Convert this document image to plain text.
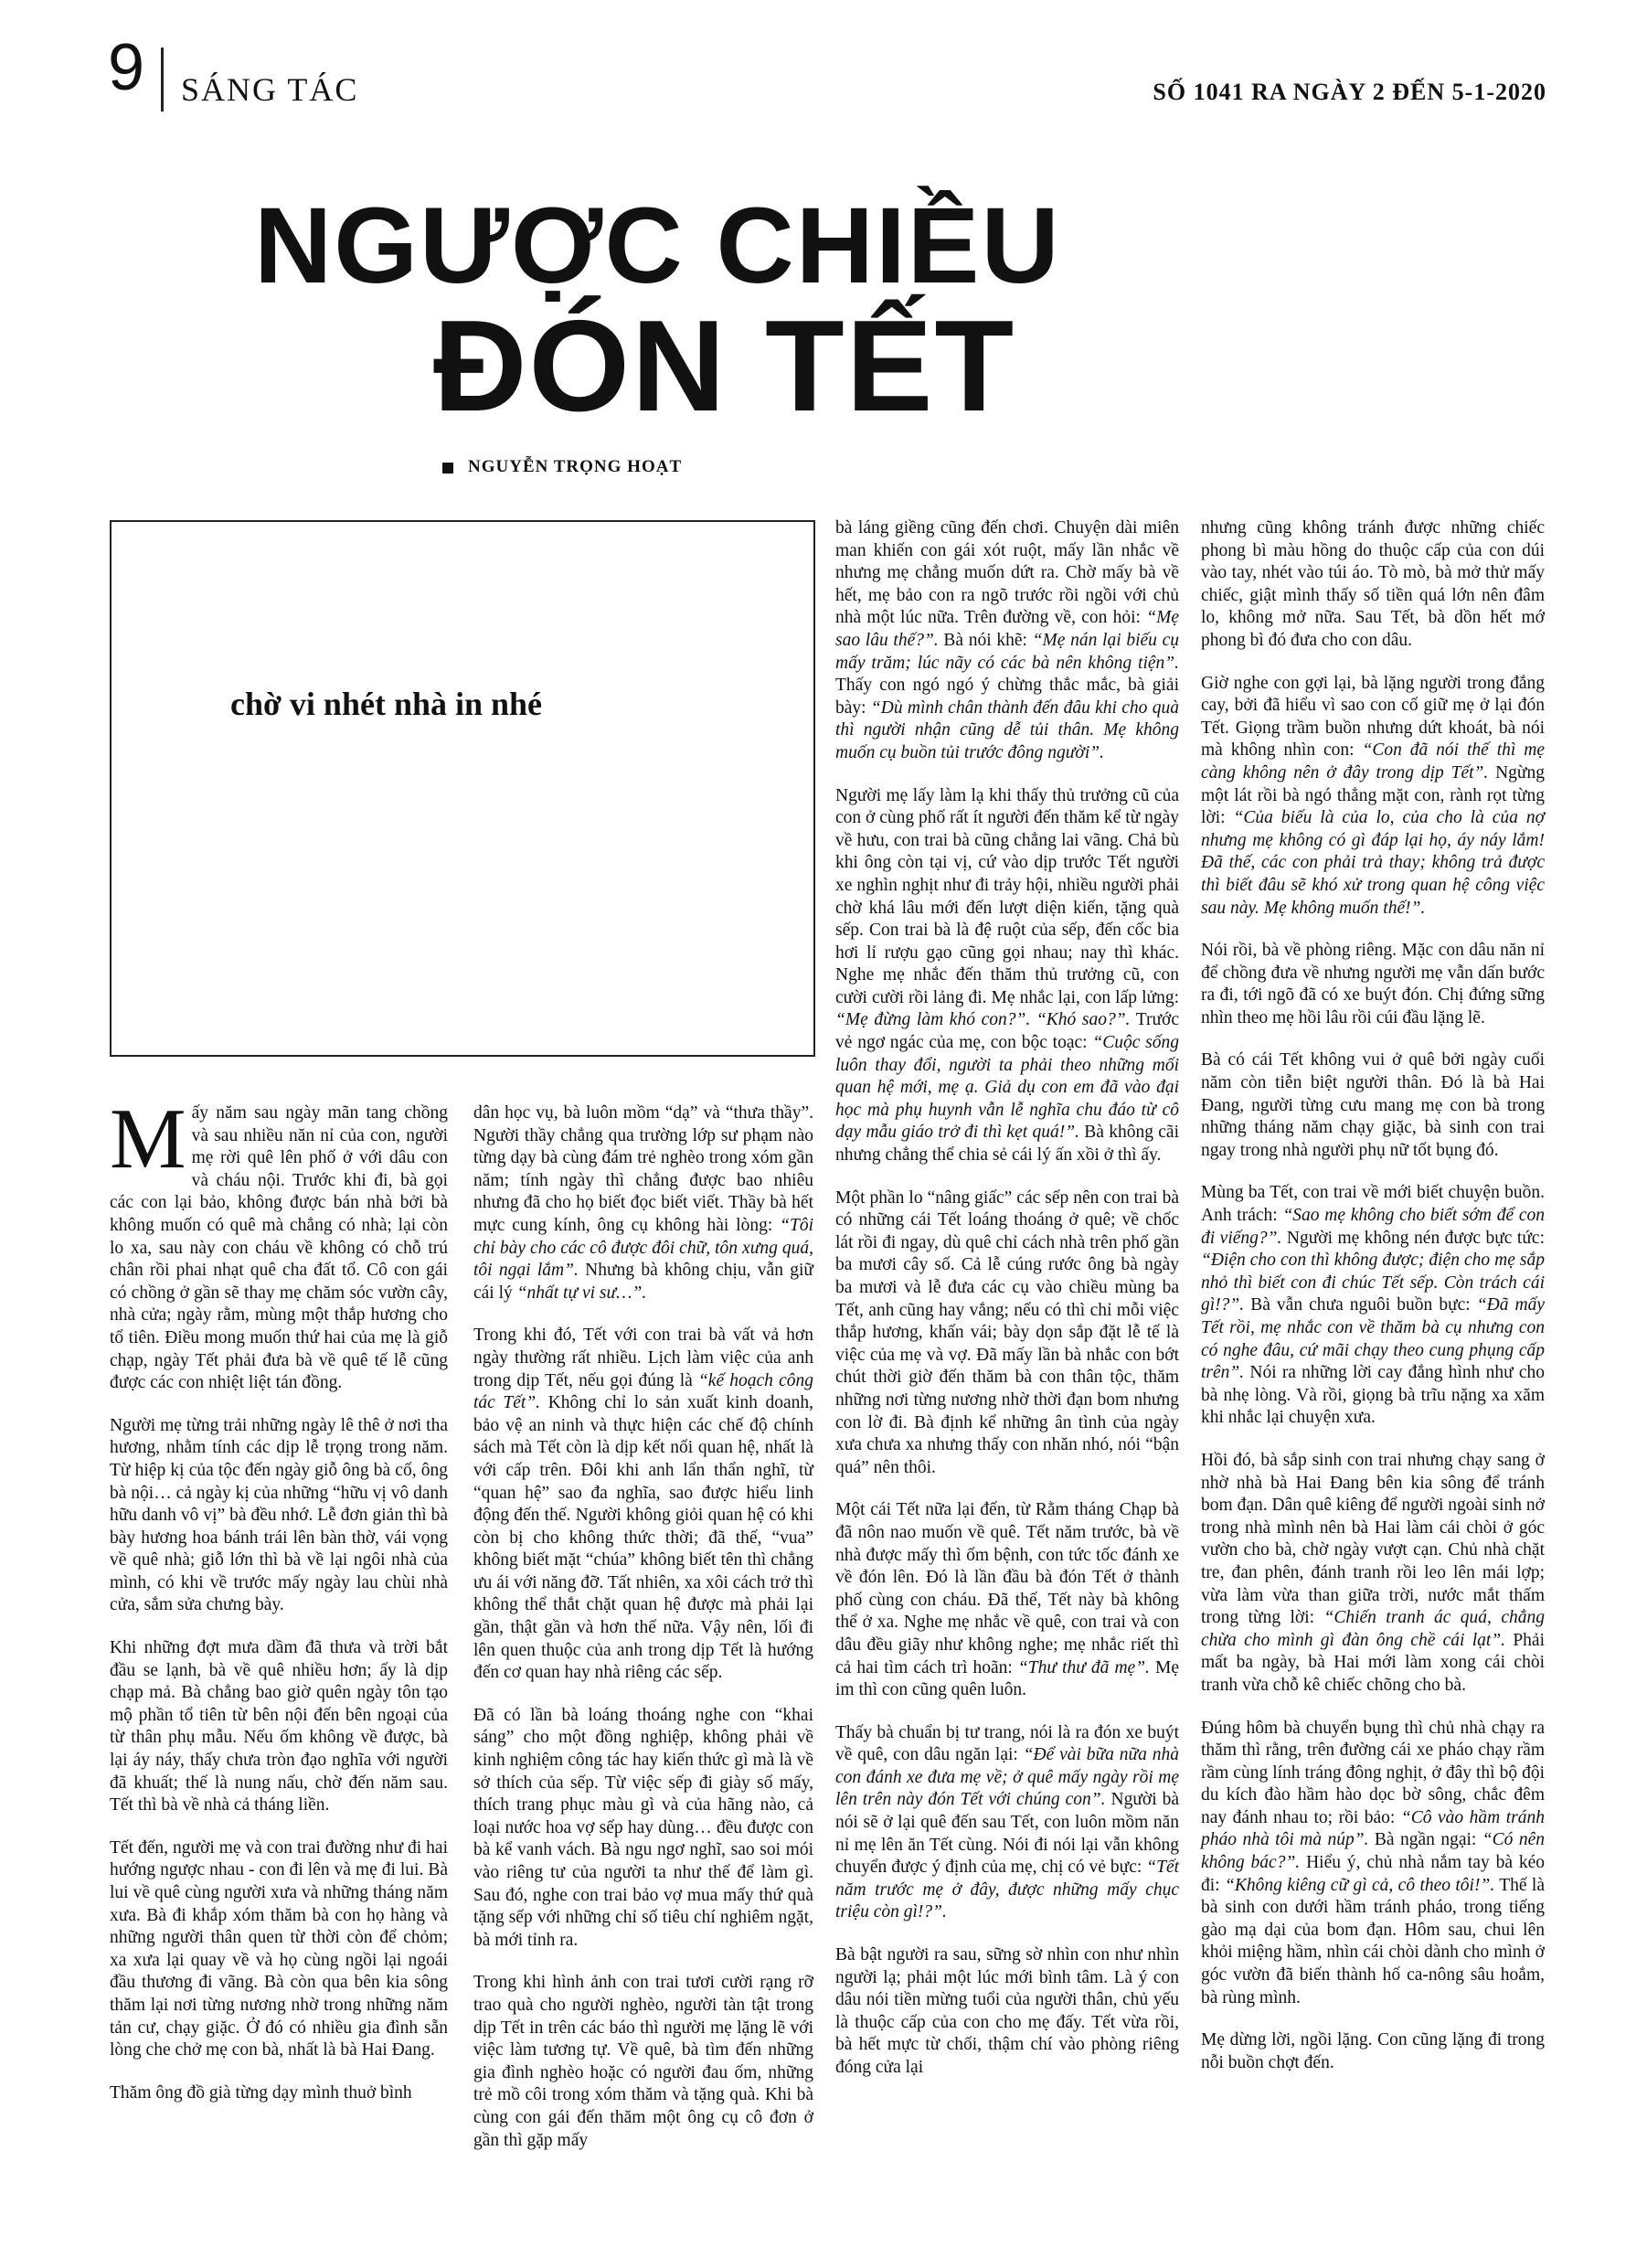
9 SÁNG TÁC	SỐ 1041 RA NGÀY 2 ĐẾN 5-1-2020
NGƯỢC CHIỀU
ĐÓN TẾT
NGUYỄN TRỌNG HOẠT
chờ vi nhét nhà in nhé

Mấy năm sau ngày mãn tang chồng và sau nhiều năn nỉ của con, người mẹ rời quê lên phố ở với dâu con và cháu nội. Trước khi đi, bà gọi các con lại bảo, không được bán nhà bởi bà không muốn có quê mà chẳng có nhà; lại còn lo xa, sau này con cháu về không có chỗ trú chân rồi phai nhạt quê cha đất tổ. Cô con gái có chồng ở gần sẽ thay mẹ chăm sóc vườn cây, nhà cửa; ngày rằm, mùng một thắp hương cho tổ tiên. Điều mong muốn thứ hai của mẹ là giỗ chạp, ngày Tết phải đưa bà về quê tế lễ cũng được các con nhiệt liệt tán đồng.

Người mẹ từng trải những ngày lê thê ở nơi tha hương, nhằm tính các dịp lễ trọng trong năm. Từ hiệp kị của tộc đến ngày giỗ ông bà cố, ông bà nội… cả ngày kị của những “hữu vị vô danh hữu danh vô vị” bà đều nhớ. Lễ đơn giản thì bà bày hương hoa bánh trái lên bàn thờ, vái vọng về quê nhà; giỗ lớn thì bà về lại ngôi nhà của mình, có khi về trước mấy ngày lau chùi nhà cửa, sắm sửa chưng bày.

Khi những đợt mưa dầm đã thưa và trời bắt đầu se lạnh, bà về quê nhiều hơn; ấy là dịp chạp mả. Bà chẳng bao giờ quên ngày tôn tạo mộ phần tổ tiên từ bên nội đến bên ngoại của từ thân phụ mẫu. Nếu ốm không về được, bà lại áy náy, thấy chưa tròn đạo nghĩa với người đã khuất; thế là nung nấu, chờ đến năm sau. Tết thì bà về nhà cả tháng liền.

Tết đến, người mẹ và con trai đường như đi hai hướng ngược nhau - con đi lên và mẹ đi lui. Bà lui về quê cùng người xưa và những tháng năm xưa. Bà đi khắp xóm thăm bà con họ hàng và những người thân quen từ thời còn để chỏm; xa xưa lại quay về và họ cùng ngồi lại ngoái đầu thương đi vãng. Bà còn qua bên kia sông thăm lại nơi từng nương nhờ trong những năm tản cư, chạy giặc. Ở đó có nhiều gia đình sẵn lòng che chở mẹ con bà, nhất là bà Hai Đang.

Thăm ông đồ già từng dạy mình thuở bình

dân học vụ, bà luôn mồm “dạ” và “thưa thầy”. Người thầy chẳng qua trường lớp sư phạm nào từng dạy bà cùng đám trẻ nghèo trong xóm gần năm; tính ngày thì chẳng được bao nhiêu nhưng đã cho họ biết đọc biết viết. Thầy bà hết mực cung kính, ông cụ không hài lòng: “Tôi chỉ bày cho các cô được đôi chữ, tôn xưng quá, tôi ngại lắm”. Nhưng bà không chịu, vẫn giữ cái lý “nhất tự vi sư…”.

Trong khi đó, Tết với con trai bà vất vả hơn ngày thường rất nhiều. Lịch làm việc của anh trong dịp Tết, nếu gọi đúng là “kế hoạch công tác Tết”. Không chỉ lo sản xuất kinh doanh, bảo vệ an ninh và thực hiện các chế độ chính sách mà Tết còn là dịp kết nối quan hệ, nhất là với cấp trên. Đôi khi anh lẩn thẩn nghĩ, từ “quan hệ” sao đa nghĩa, sao được hiểu linh động đến thế. Người không giỏi quan hệ có khi còn bị cho không thức thời; đã thế, “vua” không biết mặt “chúa” không biết tên thì chẳng ưu ái với năng đỡ. Tất nhiên, xa xôi cách trở thì không thể thắt chặt quan hệ được mà phải lại gần, thật gần và hơn thế nữa. Vậy nên, lối đi lên quen thuộc của anh trong dịp Tết là hướng đến cơ quan hay nhà riêng các sếp.

Đã có lần bà loáng thoáng nghe con “khai sáng” cho một đồng nghiệp, không phải về kinh nghiệm công tác hay kiến thức gì mà là về sở thích của sếp. Từ việc sếp đi giày số mấy, thích trang phục màu gì và của hãng nào, cả loại nước hoa vợ sếp hay dùng… đều được con bà kể vanh vách. Bà ngu ngơ nghĩ, sao soi mói vào riêng tư của người ta như thế để làm gì. Sau đó, nghe con trai bảo vợ mua mấy thứ quà tặng sếp với những chỉ số tiêu chí nghiêm ngặt, bà mới tỉnh ra.

Trong khi hình ảnh con trai tươi cười rạng rỡ trao quà cho người nghèo, người tàn tật trong dịp Tết in trên các báo thì người mẹ lặng lẽ với việc làm tương tự. Về quê, bà tìm đến những gia đình nghèo hoặc có người đau ốm, những trẻ mồ côi trong xóm thăm và tặng quà. Khi bà cùng con gái đến thăm một ông cụ cô đơn ở gần thì gặp mấy

bà láng giềng cũng đến chơi. Chuyện dài miên man khiến con gái xót ruột, mấy lần nhắc về nhưng mẹ chẳng muốn dứt ra. Chờ mấy bà về hết, mẹ bảo con ra ngõ trước rồi ngồi với chủ nhà một lúc nữa. Trên đường về, con hỏi: “Mẹ sao lâu thế?”. Bà nói khẽ: “Mẹ nán lại biếu cụ mấy trăm; lúc nãy có các bà nên không tiện”. Thấy con ngó ngó ý chừng thắc mắc, bà giải bày: “Dù mình chân thành đến đâu khi cho quà thì người nhận cũng dễ tủi thân. Mẹ không muốn cụ buồn tủi trước đông người”.

Người mẹ lấy làm lạ khi thấy thủ trưởng cũ của con ở cùng phố rất ít người đến thăm kể từ ngày về hưu, con trai bà cũng chẳng lai vãng. Chả bù khi ông còn tại vị, cứ vào dịp trước Tết người xe nghìn nghịt như đi trảy hội, nhiều người phải chờ khá lâu mới đến lượt diện kiến, tặng quà sếp. Con trai bà là đệ ruột của sếp, đến cốc bia hơi lỉ rượu gạo cũng gọi nhau; nay thì khác. Nghe mẹ nhắc đến thăm thủ trưởng cũ, con cười cười rồi lảng đi. Mẹ nhắc lại, con lấp lửng: “Mẹ đừng làm khó con?”. “Khó sao?”. Trước vẻ ngơ ngác của mẹ, con bộc toạc: “Cuộc sống luôn thay đổi, người ta phải theo những mối quan hệ mới, mẹ ạ. Giả dụ con em đã vào đại học mà phụ huynh vẫn lễ nghĩa chu đáo từ cô dạy mẫu giáo trở đi thì kẹt quá!”. Bà không cãi nhưng chẳng thể chia sẻ cái lý ấn xồi ở thì ấy.

Một phần lo “nâng giấc” các sếp nên con trai bà có những cái Tết loáng thoáng ở quê; về chốc lát rồi đi ngay, dù quê chỉ cách nhà trên phố gần ba mươi cây số. Cả lễ cúng rước ông bà ngày ba mươi và lễ đưa các cụ vào chiều mùng ba Tết, anh cũng hay vắng; nếu có thì chỉ mỗi việc thắp hương, khấn vái; bày dọn sắp đặt lễ tế là việc của mẹ và vợ. Đã mấy lần bà nhắc con bớt chút thời giờ đến thăm bà con thân tộc, thăm những nơi từng nương nhờ thời đạn bom nhưng con lờ đi. Bà định kể những ân tình của ngày xưa chưa xa nhưng thấy con nhăn nhó, nói “bận quá” nên thôi.

Một cái Tết nữa lại đến, từ Rằm tháng Chạp bà đã nôn nao muốn về quê. Tết năm trước, bà về nhà được mấy thì ốm bệnh, con tức tốc đánh xe về đón lên. Đó là lần đầu bà đón Tết ở thành phố cùng con cháu. Đã thế, Tết này bà không thể ở xa. Nghe mẹ nhắc về quê, con trai và con dâu đều giãy như không nghe; mẹ nhắc riết thì cả hai tìm cách trì hoãn: “Thư thư đã mẹ”. Mẹ im thì con cũng quên luôn.

Thấy bà chuẩn bị tư trang, nói là ra đón xe buýt về quê, con dâu ngăn lại: “Để vài bữa nữa nhà con đánh xe đưa mẹ về; ở quê mấy ngày rồi mẹ lên trên này đón Tết với chúng con”. Người bà nói sẽ ở lại quê đến sau Tết, con luôn mồm năn nỉ mẹ lên ăn Tết cùng. Nói đi nói lại vẫn không chuyển được ý định của mẹ, chị có vẻ bực: “Tết năm trước mẹ ở đây, được những mấy chục triệu còn gì!?”.

Bà bật người ra sau, sững sờ nhìn con như nhìn người lạ; phải một lúc mới bình tâm. Là ý con dâu nói tiền mừng tuổi của người thân, chủ yếu là thuộc cấp của con cho mẹ đấy. Tết vừa rồi, bà hết mực từ chối, thậm chí vào phòng riêng đóng cửa lại

nhưng cũng không tránh được những chiếc phong bì màu hồng do thuộc cấp của con dúi vào tay, nhét vào túi áo. Tò mò, bà mở thử mấy chiếc, giật mình thấy số tiền quá lớn nên đâm lo, không mở nữa. Sau Tết, bà dồn hết mớ phong bì đó đưa cho con dâu.

Giờ nghe con gợi lại, bà lặng người trong đắng cay, bởi đã hiểu vì sao con cố giữ mẹ ở lại đón Tết. Giọng trầm buồn nhưng dứt khoát, bà nói mà không nhìn con: “Con đã nói thế thì mẹ càng không nên ở đây trong dịp Tết”. Ngừng một lát rồi bà ngó thẳng mặt con, rành rọt từng lời: “Của biếu là của lo, của cho là của nợ nhưng mẹ không có gì đáp lại họ, áy náy lắm! Đã thế, các con phải trả thay; không trả được thì biết đâu sẽ khó xử trong quan hệ công việc sau này. Mẹ không muốn thế!”.

Nói rồi, bà về phòng riêng. Mặc con dâu năn nỉ để chồng đưa về nhưng người mẹ vẫn dấn bước ra đi, tới ngõ đã có xe buýt đón. Chị đứng sững nhìn theo mẹ hồi lâu rồi cúi đầu lặng lẽ.

Bà có cái Tết không vui ở quê bởi ngày cuối năm còn tiễn biệt người thân. Đó là bà Hai Đang, người từng cưu mang mẹ con bà trong những tháng năm chạy giặc, bà sinh con trai ngay trong nhà người phụ nữ tốt bụng đó.

Mùng ba Tết, con trai về mới biết chuyện buồn. Anh trách: “Sao mẹ không cho biết sớm để con đi viếng?”. Người mẹ không nén được bực tức: “Điện cho con thì không được; điện cho mẹ sắp nhỏ thì biết con đi chúc Tết sếp. Còn trách cái gì!?”. Bà vẫn chưa nguôi buồn bực: “Đã mấy Tết rồi, mẹ nhắc con về thăm bà cụ nhưng con có nghe đâu, cứ mãi chạy theo cung phụng cấp trên”. Nói ra những lời cay đắng hình như cho bà nhẹ lòng. Và rồi, giọng bà trĩu nặng xa xăm khi nhắc lại chuyện xưa.

Hồi đó, bà sắp sinh con trai nhưng chạy sang ở nhờ nhà bà Hai Đang bên kia sông để tránh bom đạn. Dân quê kiêng để người ngoài sinh nở trong nhà mình nên bà Hai làm cái chòi ở góc vườn cho bà, chờ ngày vượt cạn. Chủ nhà chặt tre, đan phên, đánh tranh rồi leo lên mái lợp; vừa làm vừa than giữa trời, nước mắt thấm trong từng lời: “Chiến tranh ác quá, chẳng chừa cho mình gì đàn ông chề cái lạt”. Phải mất ba ngày, bà Hai mới làm xong cái chòi tranh vừa chỗ kê chiếc chõng cho bà.

Đúng hôm bà chuyển bụng thì chủ nhà chạy ra thăm thì rằng, trên đường cái xe pháo chạy rầm rầm cùng lính tráng đông nghịt, ở đây thì bộ đội du kích đào hầm hào dọc bờ sông, chắc đêm nay đánh nhau to; rồi bảo: “Cô vào hầm tránh pháo nhà tôi mà núp”. Bà ngần ngại: “Có nên không bác?”. Hiểu ý, chủ nhà nắm tay bà kéo đi: “Không kiêng cữ gì cả, cô theo tôi!”. Thế là bà sinh con dưới hầm tránh pháo, trong tiếng gào mạ dại của bom đạn. Hôm sau, chui lên khỏi miệng hầm, nhìn cái chòi dành cho mình ở góc vườn đã biến thành hố ca-nông sâu hoắm, bà rùng mình.

Mẹ dừng lời, ngồi lặng. Con cũng lặng đi trong nỗi buồn chợt đến.
